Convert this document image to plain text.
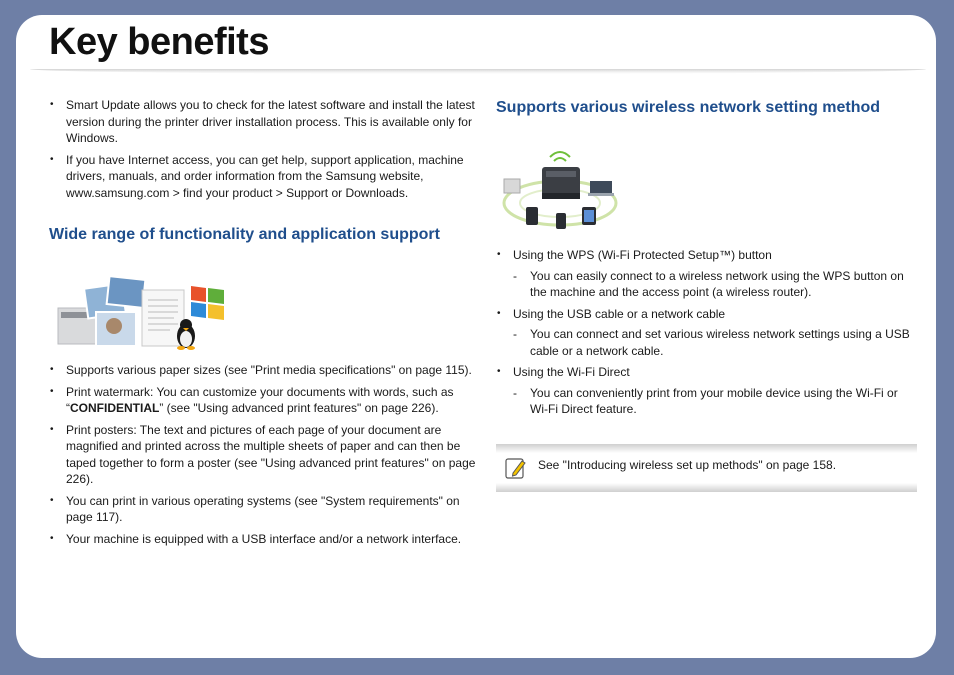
Key benefits
• Smart Update allows you to check for the latest software and install the latest version during the printer driver installation process. This is available only for Windows.
• If you have Internet access, you can get help, support application, machine drivers, manuals, and order information from the Samsung website, www.samsung.com > find your product > Support or Downloads.
Wide range of functionality and application support
• Supports various paper sizes (see "Print media specifications" on page 115).
• Print watermark: You can customize your documents with words, such as “CONFIDENTIAL” (see "Using advanced print features" on page 226).
• Print posters: The text and pictures of each page of your document are magnified and printed across the multiple sheets of paper and can then be taped together to form a poster (see "Using advanced print features" on page 226).
• You can print in various operating systems (see "System requirements" on page 117).
• Your machine is equipped with a USB interface and/or a network interface.
Supports various wireless network setting method
• Using the WPS (Wi-Fi Protected Setup™) button
- You can easily connect to a wireless network using the WPS button on the machine and the access point (a wireless router).
• Using the USB cable or a network cable
- You can connect and set various wireless network settings using a USB cable or a network cable.
• Using the Wi-Fi Direct
- You can conveniently print from your mobile device using the Wi-Fi or Wi-Fi Direct feature.
See "Introducing wireless set up methods" on page 158.
